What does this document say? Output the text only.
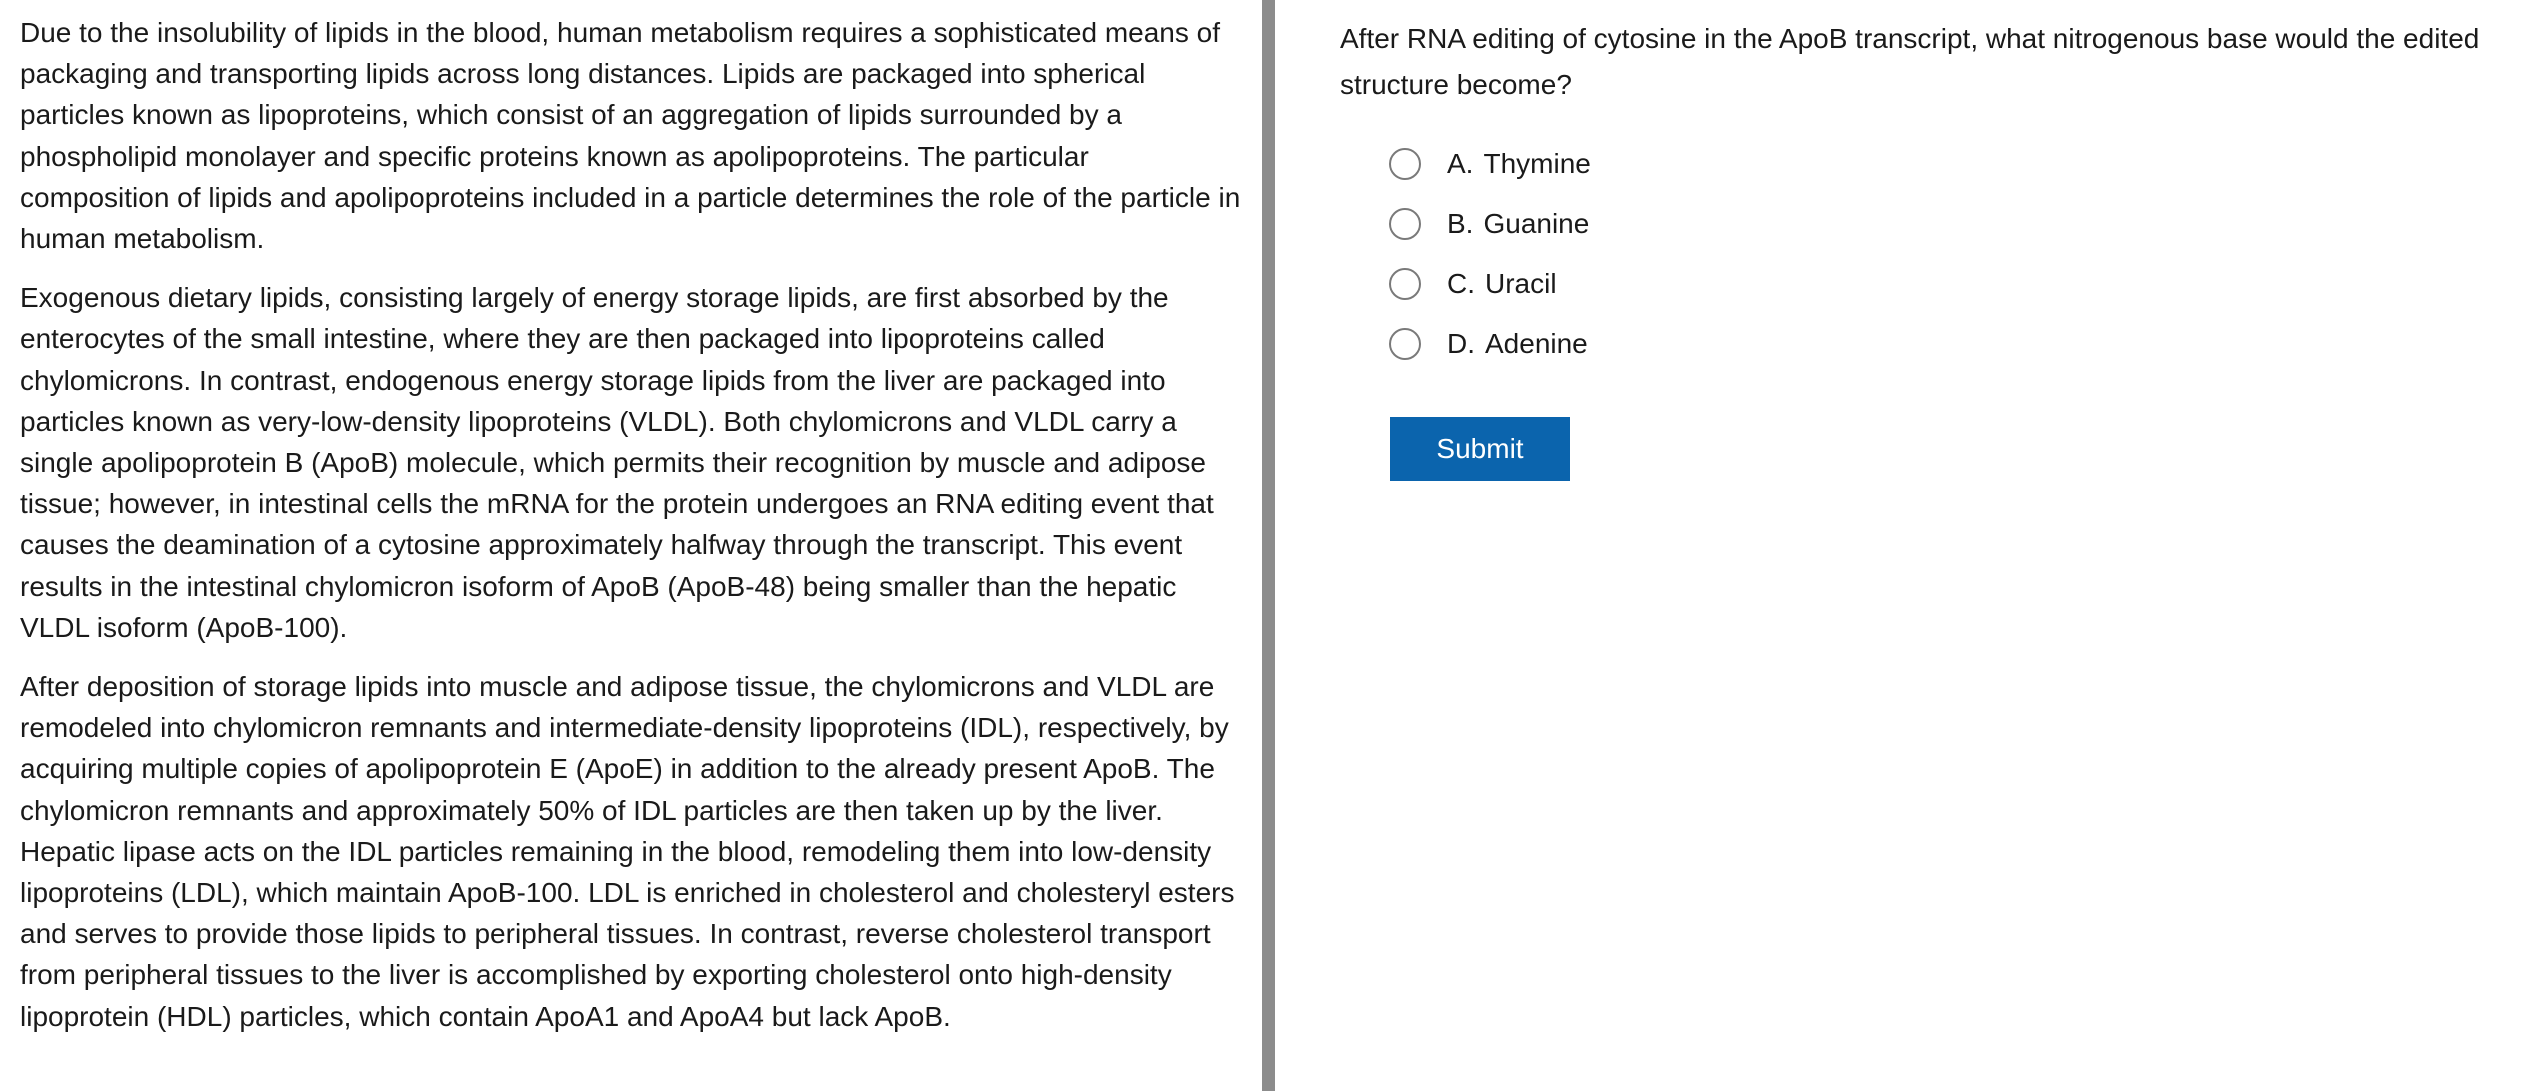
Due to the insolubility of lipids in the blood, human metabolism requires a sophisticated means of packaging and transporting lipids across long distances. Lipids are packaged into spherical particles known as lipoproteins, which consist of an aggregation of lipids surrounded by a phospholipid monolayer and specific proteins known as apolipoproteins. The particular composition of lipids and apolipoproteins included in a particle determines the role of the particle in human metabolism.

Exogenous dietary lipids, consisting largely of energy storage lipids, are first absorbed by the enterocytes of the small intestine, where they are then packaged into lipoproteins called chylomicrons. In contrast, endogenous energy storage lipids from the liver are packaged into particles known as very-low-density lipoproteins (VLDL). Both chylomicrons and VLDL carry a single apolipoprotein B (ApoB) molecule, which permits their recognition by muscle and adipose tissue; however, in intestinal cells the mRNA for the protein undergoes an RNA editing event that causes the deamination of a cytosine approximately halfway through the transcript. This event results in the intestinal chylomicron isoform of ApoB (ApoB-48) being smaller than the hepatic VLDL isoform (ApoB-100).

After deposition of storage lipids into muscle and adipose tissue, the chylomicrons and VLDL are remodeled into chylomicron remnants and intermediate-density lipoproteins (IDL), respectively, by acquiring multiple copies of apolipoprotein E (ApoE) in addition to the already present ApoB. The chylomicron remnants and approximately 50% of IDL particles are then taken up by the liver. Hepatic lipase acts on the IDL particles remaining in the blood, remodeling them into low-density lipoproteins (LDL), which maintain ApoB-100. LDL is enriched in cholesterol and cholesteryl esters and serves to provide those lipids to peripheral tissues. In contrast, reverse cholesterol transport from peripheral tissues to the liver is accomplished by exporting cholesterol onto high-density lipoprotein (HDL) particles, which contain ApoA1 and ApoA4 but lack ApoB.

After RNA editing of cytosine in the ApoB transcript, what nitrogenous base would the edited structure become?

A. Thymine
B. Guanine
C. Uracil
D. Adenine
Submit
